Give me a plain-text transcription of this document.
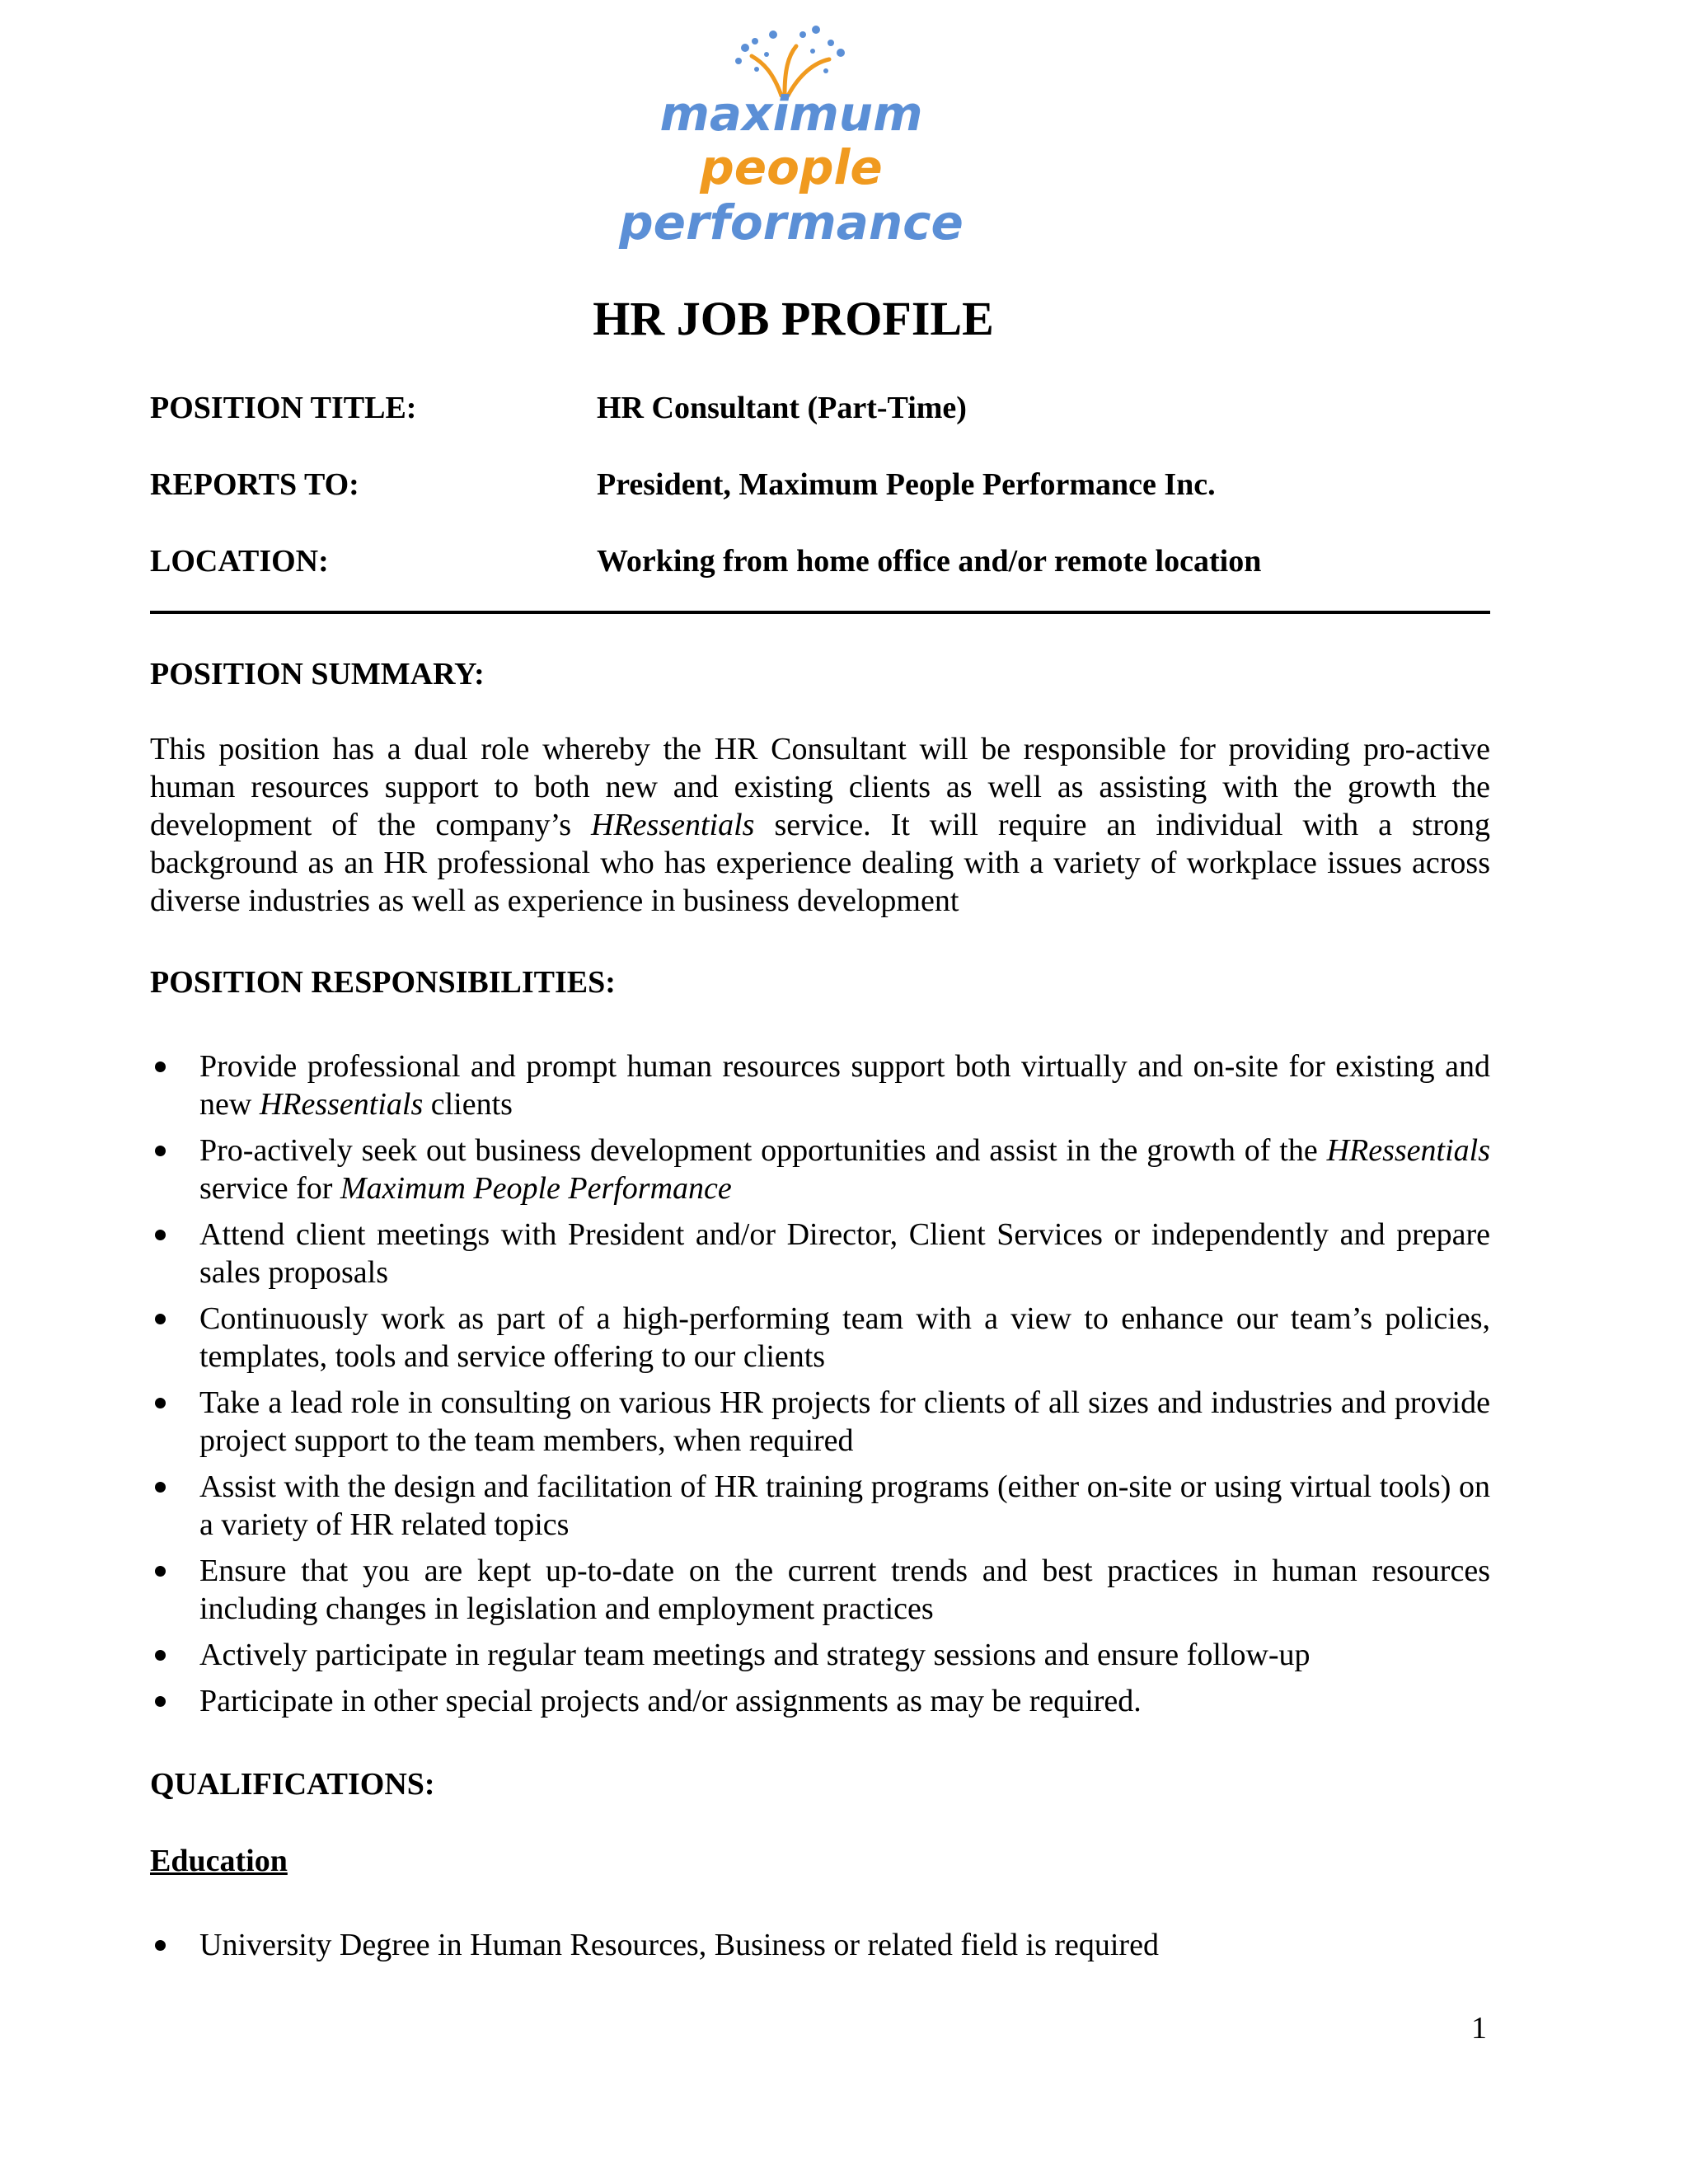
maximum
people
performance
HR JOB PROFILE
POSITION TITLE:	HR Consultant (Part-Time)
REPORTS TO:	President, Maximum People Performance Inc.
LOCATION:	Working from home office and/or remote location
POSITION SUMMARY:

This position has a dual role whereby the HR Consultant will be responsible for providing pro-active human resources support to both new and existing clients as well as assisting with the growth the development of the company’s HRessentials service. It will require an individual with a strong background as an HR professional who has experience dealing with a variety of workplace issues across diverse industries as well as experience in business development

POSITION RESPONSIBILITIES:
Provide professional and prompt human resources support both virtually and on-site for existing and new HRessentials clients
Pro-actively seek out business development opportunities and assist in the growth of the HRessentials service for Maximum People Performance
Attend client meetings with President and/or Director, Client Services or independently and prepare sales proposals
Continuously work as part of a high-performing team with a view to enhance our team’s policies, templates, tools and service offering to our clients
Take a lead role in consulting on various HR projects for clients of all sizes and industries and provide project support to the team members, when required
Assist with the design and facilitation of HR training programs (either on-site or using virtual tools) on a variety of HR related topics
Ensure that you are kept up-to-date on the current trends and best practices in human resources including changes in legislation and employment practices
Actively participate in regular team meetings and strategy sessions and ensure follow-up
Participate in other special projects and/or assignments as may be required.
QUALIFICATIONS:
Education
University Degree in Human Resources, Business or related field is required
1
